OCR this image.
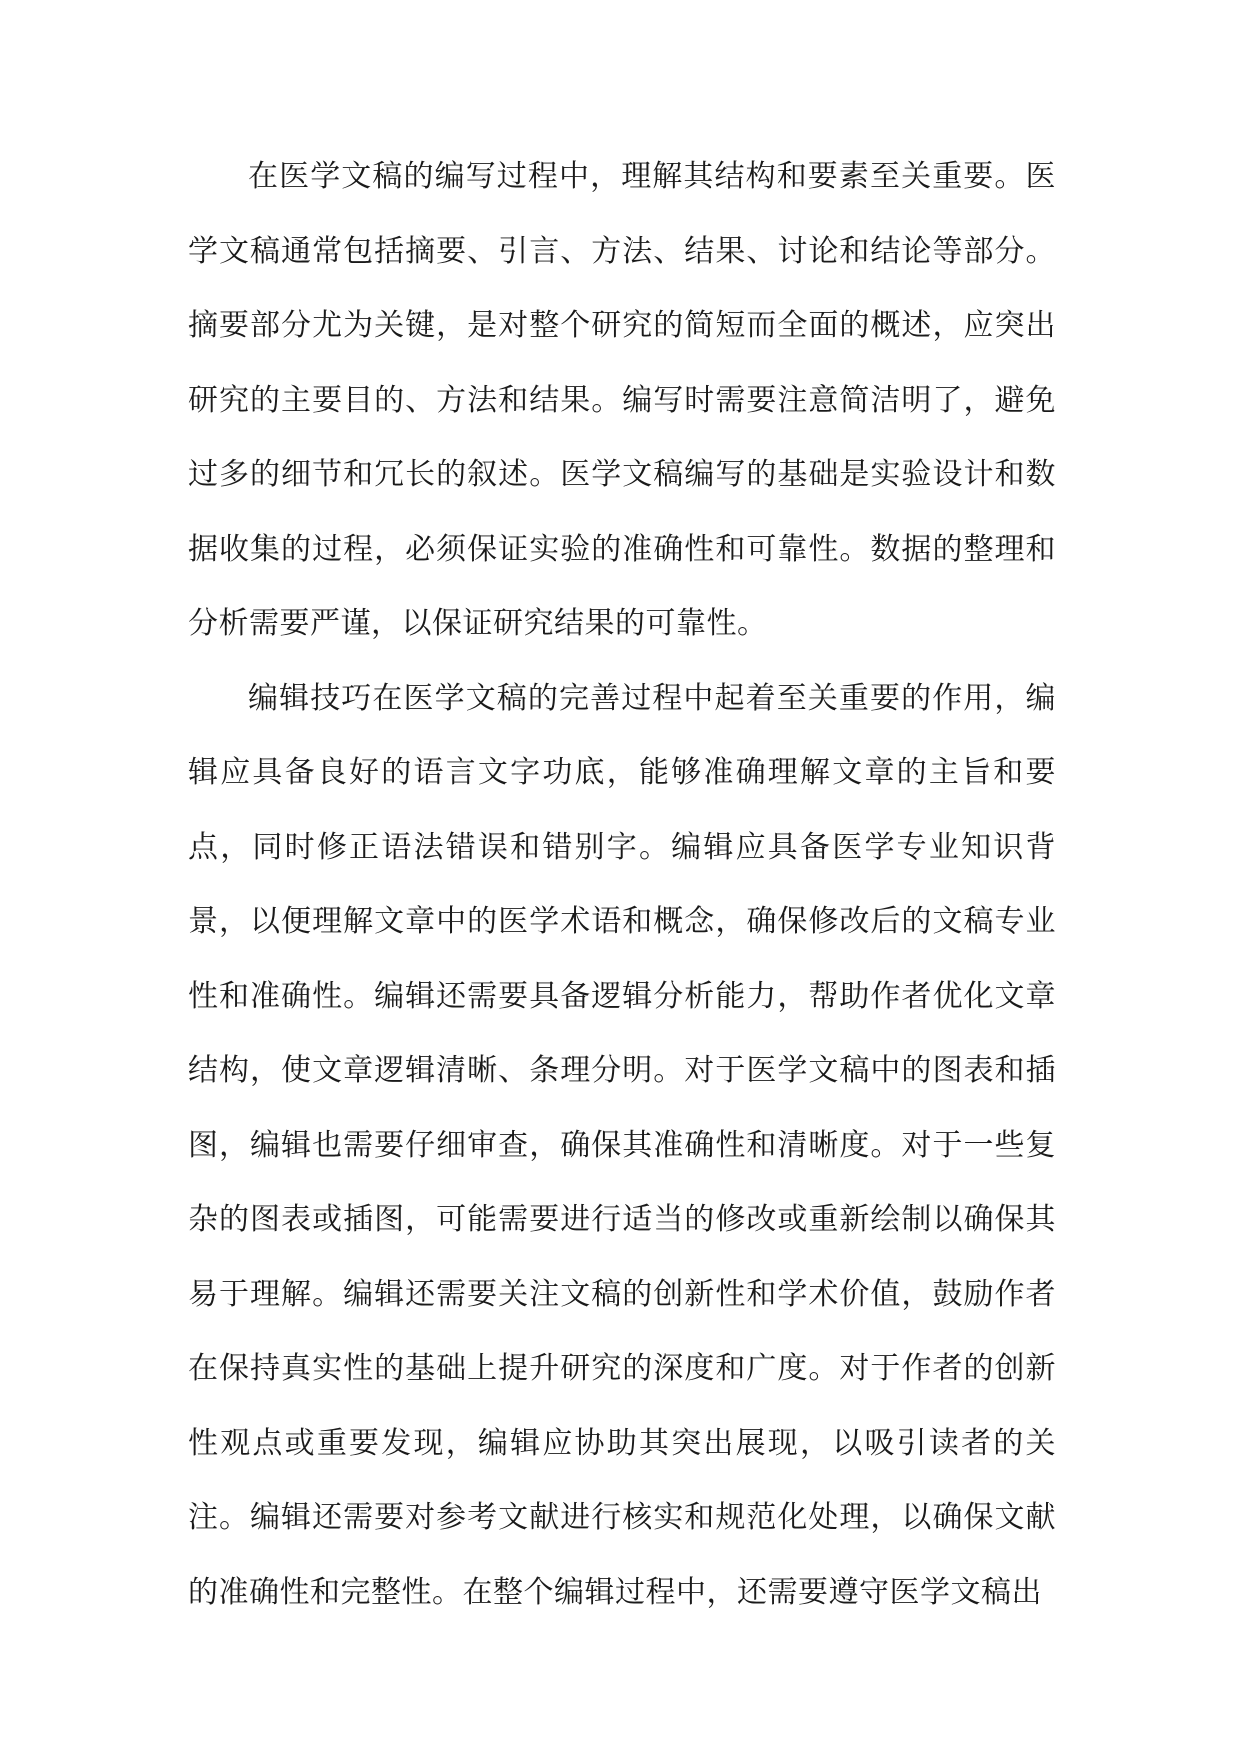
在医学文稿的编写过程中，理解其结构和要素至关重要。医学文稿通常包括摘要、引言、方法、结果、讨论和结论等部分。摘要部分尤为关键，是对整个研究的简短而全面的概述，应突出研究的主要目的、方法和结果。编写时需要注意简洁明了，避免过多的细节和冗长的叙述。医学文稿编写的基础是实验设计和数据收集的过程，必须保证实验的准确性和可靠性。数据的整理和分析需要严谨，以保证研究结果的可靠性。

编辑技巧在医学文稿的完善过程中起着至关重要的作用，编辑应具备良好的语言文字功底，能够准确理解文章的主旨和要点，同时修正语法错误和错别字。编辑应具备医学专业知识背景，以便理解文章中的医学术语和概念，确保修改后的文稿专业性和准确性。编辑还需要具备逻辑分析能力，帮助作者优化文章结构，使文章逻辑清晰、条理分明。对于医学文稿中的图表和插图，编辑也需要仔细审查，确保其准确性和清晰度。对于一些复杂的图表或插图，可能需要进行适当的修改或重新绘制以确保其易于理解。编辑还需要关注文稿的创新性和学术价值，鼓励作者在保持真实性的基础上提升研究的深度和广度。对于作者的创新性观点或重要发现，编辑应协助其突出展现，以吸引读者的关注。编辑还需要对参考文献进行核实和规范化处理，以确保文献的准确性和完整性。在整个编辑过程中，还需要遵守医学文稿出
